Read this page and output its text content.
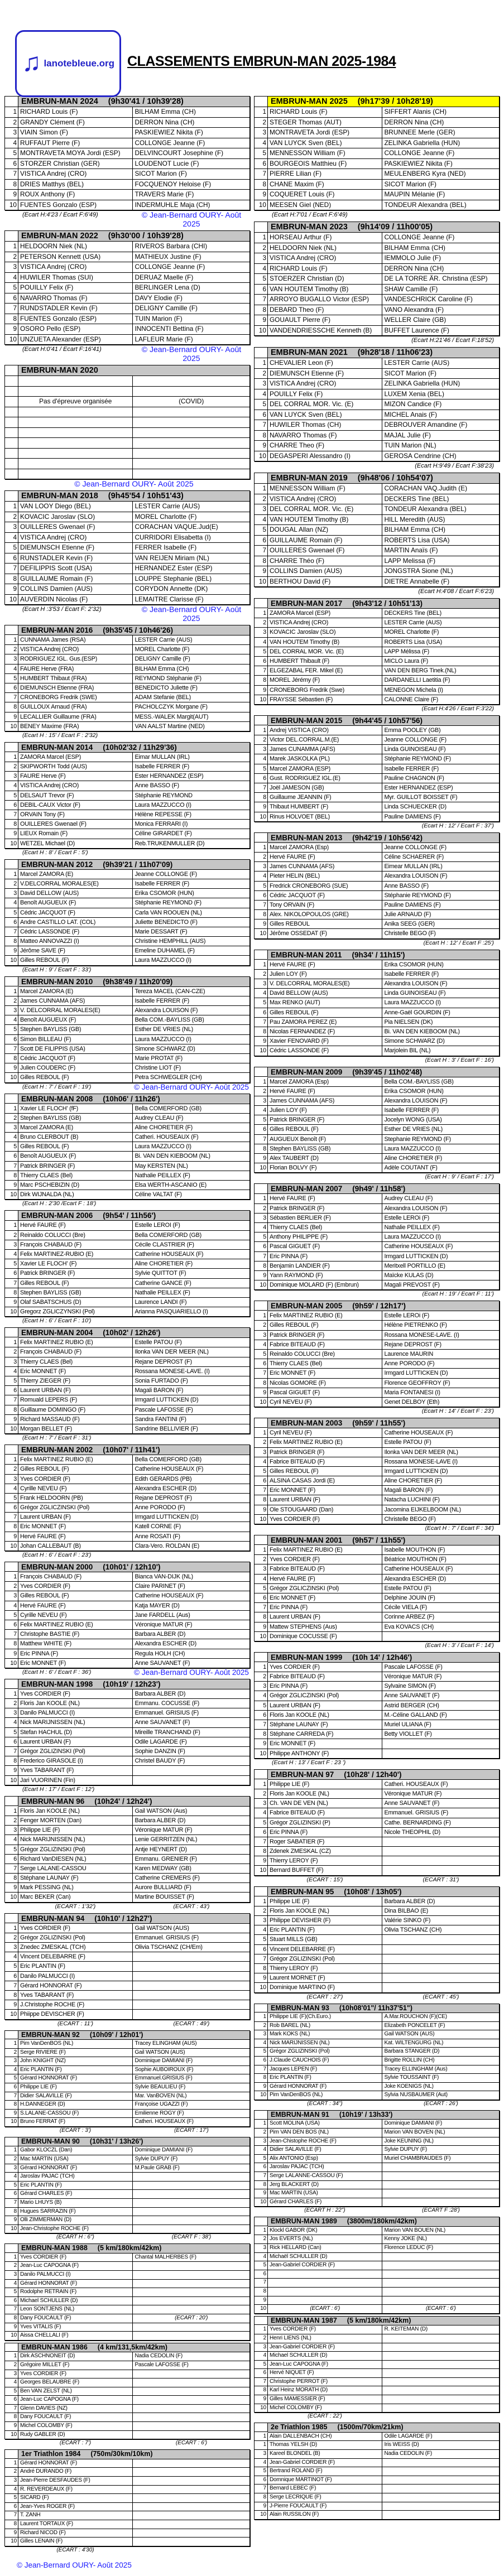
♫ lanotebleue.org CLASSEMENTS EMBRUN-MAN 2025-1984
EMBRUN-MAN 2024 (9h30'41 / 10h39'28)
1 RICHARD Louis (F)	BILHAM Emma (CH)
2 GRANDY Clément (F)	DERRON Nina (CH)
3 VIAIN Simon (F)	PASKIEWIEZ Nikita (F)
4 RUFFAUT Pierre (F)	COLLONGE Jeanne (F)
5 MONTRAVETA MOYA Jordi (ESP)	DELVINCOURT Josephine (F)
6 STORZER Christian (GER)	LOUDENOT Lucie (F)
7 VISTICA Andrej (CRO)	SICOT Marion (F)
8 DRIES Matthys (BEL)	FOCQUENOY Heloise (F)
9 ROUX Anthony (F)	TRAVERS Marie (F)
10 FUENTES Gonzalo (ESP)	INDERMUHLE Maja (CH)
(Ecart H:4'23 / Ecart F:6'49)	© Jean-Bernard OURY- Août 2025
EMBRUN-MAN 2022 (9h30'00 / 10h39'28)
1 HELDOORN Niek (NL)	RIVEROS Barbara (CHI)
2 PETERSON Kennett (USA)	MATHIEUX Justine (F)
3 VISTICA Andrej (CRO)	COLLONGE Jeanne (F)
4 HUWILER Thomas (SUI)	DERUAZ Maelle (F)
5 POUILLY Felix (F)	BERLINGER Lena (D)
6 NAVARRO Thomas (F)	DAVY Elodie (F)
7 RUNDSTADLER Kevin (F)	DELIGNY Camille (F)
8 FUENTES Gonzalo (ESP)	TUIN Marion (F)
9 OSORO Pello (ESP)	INNOCENTI Bettina (F)
10 UNZUETA Alexander (ESP)	LAFLEUR Marie (F)
(Ecart H:0'41 / Ecart F:16'41)	© Jean-Bernard OURY- Août 2025
EMBRUN-MAN 2020
Pas d'épreuve organisée	(COVID)
© Jean-Bernard OURY- Août 2025
EMBRUN-MAN 2018 (9h45'54 / 10h51'43)
1 VAN LOOY Diego (BEL)	LESTER Carrie (AUS)
2 KOVACIC Jaroslav (SLO)	MOREL Charlotte (F)
3 OUILLERES Gwenael (F)	CORACHAN VAQUE.Jud(E)
4 VISTICA Andrej (CRO)	CURRIDORI Elisabetta (I)
5 DIEMUNSCH Etienne (F)	FERRER Isabelle (F)
6 RUNSTADLER Kevin (F)	VAN REIJEN Miriam (NL)
7 DEFILIPPIS Scott (USA)	HERNANDEZ Ester (ESP)
8 GUILLAUME Romain (F)	LOUPPE Stephanie (BEL)
9 COLLINS Damien (AUS)	CORYDON Annette (DK)
10 AUVERDIN Nicolas (F)	LEMAITRE Clarisse (F)
(Ecart H :3'53 / Ecart F: 2'32)	© Jean-Bernard OURY- Août 2025
EMBRUN-MAN 2016 (9h35'45 / 10h46'26)
1 CUNNAMA James (RSA)	LESTER Carrie (AUS)
2 VISTICA Andrej (CRO)	MOREL Charlotte (F)
3 RODRIGUEZ IGL. Gus.(ESP)	DELIGNY Camille (F)
4 FAURE Herve (FRA)	BILHAM Emma (CH)
5 HUMBERT Thibaut (FRA)	REYMOND Stéphanie (F)
6 DIEMUNSCH Etienne (FRA)	BENEDICTO Juliette (F)
7 CRONEBORG Fredrik (SWE)	ADAM Stefanie (BEL)
8 GUILLOUX Arnaud (FRA)	PACHOLCZYK Morgane (F)
9 LECALLIER Guillaume (FRA)	MESS.-WALEK Margit(AUT)
10 BENEY Maxime (FRA)	VAN AALST Martine (NED)
(Ecart H : 15' / Ecart F : 2'32)
EMBRUN-MAN 2014 (10h02'32 / 11h29'36)
1 ZAMORA Marcel (ESP)	Eimar MULLAN (IRL)
2 SKIPWORTH Todd (AUS)	Isabelle FERRER (F)
3 FAURE Herve (F)	Ester HERNANDEZ (ESP)
4 VISTICA Andrej (CRO)	Anne BASSO (F)
5 DELSAUT Trevor (F)	Stéphanie REYMOND
6 DEBIL-CAUX Victor (F)	Laura MAZZUCCO (I)
7 ORVAIN Tony (F)	Hélène REPESSE (F)
8 OUILLERES Gwenael (F)	Monica FERRARI (I)
9 LIEUX Romain (F)	Céline GIRARDET (F)
10 WETZEL Michael (D)	Reb.TRUKENMULLER (D)
(Ecart H : 8' / Ecart F : 5')
EMBRUN-MAN 2012 (9h39'21 / 11h07'09)
1 Marcel ZAMORA (E)	Jeanne COLLONGE (F)
2 V.DELCORRAL MORALES(E)	Isabelle FERRER (F)
3 David DELLOW (AUS)	Erika CSOMOR (HUN)
4 Benoît AUGUEUX (F)	Stéphanie REYMOND (F)
5 Cédric JACQUOT (F)	Carla VAN ROOUEN (NL)
6 Andre CASTILLO LAT. (COL)	Juliette BENEDICTO (F)
7 Cédric LASSONDE (F)	Marie DESSART (F)
8 Matteo ANNOVAZZI (I)	Christine HEMPHILL (AUS)
9 Jérôme SAVE (F)	Emeline DUHAMEL (F)
10 Gilles REBOUL (F)	Laura MAZZUCCO (I)
(Ecart H : 9' / Ecart F : 33')
EMBRUN-MAN 2010 (9h38'49 / 11h20'09)
1 Marcel ZAMORA (E)	Tereza MACEL (CAN-CZE)
2 James CUNNAMA (AFS)	Isabelle FERRER (F)
3 V. DELCORRAL MORALES(E)	Alexandra LOUISON (F)
4 Benoît AUGUEUX (F)	Bella COM.-BAYLISS (GB)
5 Stephen BAYLISS (GB)	Esther DE VRIES (NL)
6 Simon BILLEAU (F)	Laura MAZZUCCO (I)
7 Scott DE FILIPPIS (USA)	Simone SCHWARZ (D)
8 Cédric JACQUOT (F)	Marie PROTAT (F)
9 Julien COUDERC (F)	Christine LIOT (F)
10 Gilles REBOUL (F)	Petra SCHWEGLER (CH)
(Ecart H : 7' / Ecart F : 19')	© Jean-Bernard OURY- Août 2025
EMBRUN-MAN 2008 (10h06' / 11h26')
1 Xavier LE FLOCH' (fF)	Bella COMERFORD (GB)
2 Stephen BAYLISS (GB)	Audrey CLEAU (F)
3 Marcel ZAMORA (E)	Aline CHORETIER (F)
4 Bruno CLERBOUT (B)	Catheri. HOUSEAUX (F)
5 Gilles REBOUL (F)	Laura MAZZUCCO (I)
6 Benoît AUGUEUX (F)	Bi. VAN DEN KIEBOOM (NL)
7 Patrick BRINGER (F)	May KERSTEN (NL)
8 Thierry CLAES (Bel)	Nathalie PEILLEX (F)
9 Marc PSCHEBIZIN (D)	Elsa WERTH-ASCANIO (E)
10 Dirk WIJNALDA (NL)	Céline VALTAT (F)
(Ecart H : 2'30 /Ecart F : 18')
EMBRUN-MAN 2006 (9h54' / 11h56')
1 Hervé FAURE (F)	Estelle LEROI (F)
2 Reinaldo COLUCCI (Bre)	Bella COMERFORD (GB)
3 François CHABAUD (F)	Cécile CLASTRIER (F)
4 Felix MARTINEZ-RUBIO (E)	Catherine HOUSEAUX (F)
5 Xavier LE FLOCH' (F)	Aline CHORETIER (F)
6 Patrick BRINGER (F)	Sylvie QUITTOT (F)
7 Gilles REBOUL (F)	Catherine GANCE (F)
8 Stephen BAYLISS (GB)	Nathalie PEILLEX (F)
9 Olaf SABATSCHUS (D)	Laurence LANDI (F)
10 Gregorz ZGLICZYNSKI (Pol)	Arianna PASQUARIELLO (I)
(Ecart H : 6' / Ecart F : 10')
EMBRUN-MAN 2004 (10h02' / 12h26')
1 Felix MARTINEZ RUBIO (E)	Estelle PATOU (F)
2 François CHABAUD (F)	Ilonka VAN DER MEER (NL)
3 Thierry CLAES (Bel)	Rejane DEPROST (F)
4 Eric MONNET (F)	Rossana MONESE-LAVE. (I)
5 Thierry ZIEGER (F)	Sonia FURTADO (F)
6 Laurent URBAN (F)	Magali BARON (F)
7 Romuald LEPERS (F)	Irmgard LUTTICKEN (D)
8 Guillaume DOMINGO (F)	Pascale LAFOSSE (F)
9 Richard MASSAUD (F)	Sandra FANTINI (F)
10 Morgan BELLET (F)	Sandrine BELLIVIER (F)
(Ecart H : 7' / Ecart F : 31')
EMBRUN-MAN 2002 (10h07' / 11h41')
1 Felix MARTINEZ RUBIO (E)	Bella COMERFORD (GB)
2 Gilles REBOUL (F)	Catherine HOUSEAUX (F)
3 Yves CORDIER (F)	Edith GERARDS (PB)
4 Cyrille NEVEU (F)	Alexandra ESCHER (D)
5 Frank HELDOORN (PB)	Rejane DEPROST (F)
6 Grégor ZGLICZINSKI (Pol)	Anne PORODO (F)
7 Laurent URBAN (F)	Irmgard LUTTICKEN (D)
8 Eric MONNET (F)	Katell CORNE (F)
9 Hervé FAURE (F)	Anne ROSATI (F)
10 Johan CALLEBAUT (B)	Clara-Vero. ROLDAN (E)
(Ecart H : 6' / Ecart F : 23')
EMBRUN-MAN 2000 (10h01' / 12h10')
1 François CHABAUD (F)	Bianca VAN-DIJK (NL)
2 Yves CORDIER (F)	Claire PARINET (F)
3 Gilles REBOUL (F)	Catherine HOUSEAUX (F)
4 Hervé FAURE (F)	Katja MAYER (D)
5 Cyrille NEVEU (F)	Jane FARDELL (Aus)
6 Felix MARTINEZ RUBIO (E)	Véronique MATUR (F)
7 Christophe BASTIE (F)	Barbara ALBER (D)
8 Matthew WHITE (F)	Alexandra ESCHER (D)
9 Eric PINNA (F)	Regula HOLH (CH)
10 Eric MONNET (F)	Anne SAUVANET (F)
(Ecart H : 6' / Ecart F : 36')	© Jean-Bernard OURY- Août 2025
EMBRUN-MAN 1998 (10h19' / 12h23')
1 Yves CORDIER (F)	Barbara ALBER (D)
2 Floris Jan KOOLE (NL)	Emmanu. COCUSSE (F)
3 Danilo PALMUCCI (I)	Emmanuel. GRISIUS (F)
4 Nick MARIJNISSEN (NL)	Anne SAUVANET (F)
5 Stefan HACHUL (D)	Mireille TRANCHAND (F)
6 Laurent URBAN (F)	Odile LAGARDE (F)
7 Grégor ZGLIZINSKI (Pol)	Sophie DANZIN (F)
8 Frederico GIRASOLE (I)	Christel BAUDY (F)
9 Yves TABARANT (F)
10 Jari VUORINEN (Fin)
(Ecart H : 17' / Ecart F : 12')
EMBRUN-MAN 96 (10h24' / 12h24')
1 Floris Jan KOOLE (NL)	Gail WATSON (Aus)
2 Fenger MORTEN (Dan)	Barbara ALBER (D)
3 Philippe LIE (F)	Véronique MATUR (F)
4 Nick MARIJNISSEN (NL)	Lenie GERRITZEN (NL)
5 Grégor ZGLIZINSKI (Pol)	Antje HEYNERT (D)
6 Richard VanDIESEN (NL)	Emmanu. GRENIER (F)
7 Serge LALANE-CASSOU	Karen MEDWAY (GB)
8 Stéphane LAUNAY (F)	Catherine CREMERS (F)
9 Mark PESSING (NL)	Aurore BULLIARD (F)
10 Marc BEKER (Can)	Martine BOUISSET (F)
(ECART : 1'32')	(ECART : 43')
EMBRUN-MAN 94 (10h10' / 12h27')
1 Yves CORDIER (F)	Gail WATSON (AUS)
2 Grégor ZGLIZINSKI (Pol)	Emmanuel. GRISIUS (F)
3 Znedec ZMESKAL (TCH)	Olivia TSCHANZ (CH/Em)
4 Vincent DELEBARRE (F)
5 Eric PLANTIN (F)
6 Danilo PALMUCCI (I)
7 Gérard HONNORAT (F)
8 Yves TABARANT (F)
9 J.Christophe ROCHE (F)
10 Phiippe DEVISCHER (F)
(ECART : 11')	(ECART : 49')
EMBRUN-MAN 92 (10h09' / 12h01')
1 Pim VanDenBOS (NL)	Tracey ELINGHAM (AUS)
2 Serge RIVIERE (F)	Gail WATSON (AUS)
3 John KNIGHT (NZ)	Dominique DAMIANI (F)
4 Eric PLANTIN (F)	Sophie AUBOIROUX (F)
5 Gérard HONNORAT (F)	Emmanuel.GRISIUS (F)
6 Philippe LIE (F)	Sylvie BEAULIEU (F)
7 Didier SALAVILLE (F)	Mar. VanBOVEN (NL)
8 H.DANNEGER (D)	Françoise UGAZZI (F)
9 S.LALANE-CASSOU (F)	Emilienne ROGY (F)
10 Bruno FERRAT (F)	Catheri. HOUSEAUX (F)
(ECART : 3')	(ECART : 17')
EMBRUN-MAN 90 (10h31' / 13h26')
1 Gabor KLOCZL (Dan)	Dominique DAMIANI (F)
2 Mac MARTIN (USA)	Sylvie DUPUY (F)
3 Gérard HONNORAT (F)	M.Paule GRAB (F)
4 Jaroslav PAJAC (TCH)
5 Eric PLANTIN (F)
6 Gérard CHARLES (F)
7 Mario LHUYS (B)
8 Hugues SARRAZIN (F)
9 Olli ZIMMERMAN (D)
10 Jean-Christophe ROCHE (F)
(ECART H : 6")	(ECART F : 38')
EMBRUN-MAN 1988 (5 km/180km/42km)
1 Yves CORDIER (F)	Chantal MALHERBES (F)
2 Jean-Luc CAPOGNA (F)
3 Danilo PALMUCCI (I)
4 Gérard HONNORAT (F)
5 Rodolphe RETRAIN (F)
6 Michael SCHULLER (D)
7 Leon SONTJENS (NL)
8 Dany FOUCAULT (F)	(ECART : 20')
9 Yves VITALIS (F)
10 Aissa CHELLALI (F)
EMBRUN-MAN 1986 (4 km/131,5km/42km)
1 Dirk ASCHNONEIT (D)	Nadia CEDOLIN (F)
2 Grégoire MILLET (F)	Pascale LAFOSSE (F)
3 Yves CORDIER (F)
4 Georges BELAUBRE (F)
5 Ben VAN ZELST (NL)
6 Jean-Luc CAPOGNA (F)
7 Glenn DAVIES (NZ)
8 Dany FOUCAULT (F)
9 Michel COLOMBY (F)
10 Rudy GABLER (D)
(ECART : 7')	(ECART : 6')
1er Triathlon 1984 (750m/30km/10km)
1 Gérard HONNORAT (F)
2 André DURANDO (F)
3 Jean-Pierre DESFAUDES (F)
4 R. REVERDEAUX (F)
5 SICARD (F)
6 Jean-Yves ROGER (F)
7 T. ZANH
8 Laurent TORTAUX (F)
9 Richard NICOD (F)
10 Gilles LENAIN (F)
(ECART : 4'30)
EMBRUN-MAN 2025 (9h17'39 / 10h28'19)
1 RICHARD Louis (F)	SIFFERT Alanis (CH)
2 STEGER Thomas (AUT)	DERRON Nina (CH)
3 MONTRAVETA Jordi (ESP)	BRUNNEE Merle (GER)
4 VAN LUYCK Sven (BEL)	ZELINKA Gabriella (HUN)
5 MENNESSON William (F)	COLLONGE Jeanne (F)
6 BOURGEOIS Matthieu (F)	PASKIEWIEZ Nikita (F)
7 PIERRE Lilian (F)	MEULENBERG Kyra (NED)
8 CHANE Maxim (F)	SICOT Marion (F)
9 COQUERET Louis (F)	MAUPIN Mélanie (F)
10 MEESEN Giel (NED)	TONDEUR Alexandra (BEL)
(Ecart H:7'01 / Ecart F:6'49)
EMBRUN-MAN 2023 (9h14'09 / 11h00'05)
1 HORSEAU Arthur (F)	COLLONGE Jeanne (F)
2 HELDOORN Niek (NL)	BILHAM Emma (CH)
3 VISTICA Andrej (CRO)	IEMMOLO Julie (F)
4 RICHARD Louis (F)	DERRON Nina (CH)
5 STOERZER Christian (D)	DE LA TORRE ÄR. Christina (ESP)
6 VAN HOUTEM Timothy (B)	SHAW Camille (F)
7 ARROYO BUGALLO Victor (ESP)	VANDESCHRICK Caroline (F)
8 DEBARD Theo (F)	VANO Alexandra (F)
9 GOUAULT Pierre (F)	WELLER Claire (GB)
10 VANDENDRIESSCHE Kenneth (B)	BUFFET Laurence (F)
(Ecart H:21'46 / Ecart F:18'52)
EMBRUN-MAN 2021 (9h28'18 / 11h06'23)
1 CHEVALIER Leon (F)	LESTER Carrie (AUS)
2 DIEMUNSCH Etienne (F)	SICOT Marion (F)
3 VISTICA Andrej (CRO)	ZELINKA Gabriella (HUN)
4 POUILLY Felix (F)	LUXEM Xenia (BEL)
5 DEL CORRAL MOR. Vic. (E)	MIZON Candice (F)
6 VAN LUYCK Sven (BEL)	MICHEL Anais (F)
7 HUWILER Thomas (CH)	DEBROUVER Amandine (F)
8 NAVARRO Thomas (F)	MAJAL Julie (F)
9 CHARRE Theo (F)	TUIN Marion (NL)
10 DEGASPERI Alessandro (I)	GEROSA Cendrine (CH)
(Ecart H:9'49 / Ecart F:38'23)
EMBRUN-MAN 2019 (9h48'06 / 10h54'07)
1 MENNESSON William (F)	CORACHAN VAQ.Judith (E)
2 VISTICA Andrej (CRO)	DECKERS Tine (BEL)
3 DEL CORRAL MOR. Vic. (E)	TONDEUR Alexandra (BEL)
4 VAN HOUTEM Timothy (B)	HILL Meredith (AUS)
5 DOUGAL Allan (NZ)	BILHAM Emma (CH)
6 GUILLAUME Romain (F)	ROBERTS Lisa (USA)
7 OUILLERES Gwenael (F)	MARTIN Anaïs (F)
8 CHARRE Théo (F)	LAPP Melissa (F)
9 COLLINS Damien (AUS)	JONGSTRA Sione (NL)
10 BERTHOU David (F)	DIETRE Annabelle (F)
(Ecart H:4'08 / Ecart F:6'23)
EMBRUN-MAN 2017 (9h43'12 / 10h51'13)
1 ZAMORA Marcel (ESP)	DECKERS Tine (BEL)
2 VISTICA Andrej (CRO)	LESTER Carrie (AUS)
3 KOVACIC Jaroslav (SLO)	MOREL Charlotte (F)
4 VAN HOUTEM Timothy (B)	ROBERTS Lisa (USA)
5 DEL CORRAL MOR. Vic. (E)	LAPP Mélissa (F)
6 HUMBERT Thibault (F)	MICLO Laura (F)
7 ELGEZABAL FER. Mikel (E)	VAN DEN BERG Tinek.(NL)
8 MOREL Jérémy (F)	DARDANELLI Laetitia (F)
9 CRONEBORG Fredrik (Swe)	MENEGON Michela (I)
10 FRAYSSE Sébastien (F)	CALONNE Claire (F)
(Ecart H:4'26 / Ecart F:3'22)
EMBRUN-MAN 2015 (9h44'45 / 10h57'56)
1 Andrej VISTICA (CRO)	Emma POOLEY (GB)
2 Victor DEL.CORRAL.M.(E)	Jeanne COLLONGE (F)
3 James CUNAMMA (AFS)	Linda GUINOISEAU (F)
4 Marek JASKOLKA (PL)	Stéphanie REYMOND (F)
5 Marcel ZAMORA (ESP)	Isabelle FERRER (F)
6 Gust. RODRIGUEZ IGL.(E)	Pauline CHAGNON (F)
7 Joël JAMESON (GB)	Ester HERNANDEZ (ESP)
8 Guillaume JEANNIN (F)	Myr. GUILLOT BOISSET (F)
9 Thibaut HUMBERT (F)	Linda SCHUECKER (D)
10 Rinus HOLVOET (BEL)	Pauline DAMIENS (F)
(Ecart H : 12' / Ecart F : 37')
EMBRUN-MAN 2013 (9h42'19 / 10h56'42)
1 Marcel ZAMORA (Esp)	Jeanne COLLONGE (F)
2 Hervé FAURE (F)	Céline SCHAERER (F)
3 James CUNNAMA (AFS)	Eimear MULLAN (IRL)
4 Pieter HELIN (BEL)	Alexandra LOUISON (F)
5 Fredrick CRONEBORG (SUE)	Anne BASSO (F)
6 Cédric JACQUOT (F)	Stéphanie REYMOND (F)
7 Tony ORVAIN (F)	Pauline DAMIENS (F)
8 Alex. NIKOLOPOULOS (GRE)	Julie ARNAUD (F)
9 Gilles REBOUL	Anika SEEG (GER)
10 Jérôme OSSEDAT (F)	Christelle BEGO (F)
(Ecart H : 12' / Ecart F :25')
EMBRUN-MAN 2011 (9h34' / 11h15')
1 Hervé FAURE (F)	Erika CSOMOR (HUN)
2 Julien LOY (F)	Isabelle FERRER (F)
3 V. DELCORRAL MORALES(E)	Alexandra LOUISON (F)
4 David BELLOW (AUS)	Linda GUINOISEAU (F)
5 Max RENKO (AUT)	Laura MAZZUCCO (I)
6 Gilles REBOUL (F)	Anne-Gaël GOURDIN (F)
7 Pau ZAMORA PEREZ (E)	Pia NIELSEN (DK)
8 Nicolas FERNANDEZ (F)	Bi. VAN DEN KIEBOOM (NL)
9 Xavier FENOVARD (F)	Simone SCHWARZ (D)
10 Cédric LASSONDE (F)	Marjolein BIL (NL)
(Ecart H : 3' / Ecart F : 16')
EMBRUN-MAN 2009 (9h39'45 / 11h02'48)
1 Marcel ZAMORA (Esp)	Bella COM.-BAYLISS (GB)
2 Hervé FAURE (F)	Erika CSOMOR (HUN)
3 James CUNNAMA (AFS)	Alexandra LOUISON (F)
4 Julien LOY (F)	Isabelle FERRER (F)
5 Patrick BRINGER (F)	Jocelyn WONG (USA)
6 Gilles REBOUL (F)	Esther DE VRIES (NL)
7 AUGUEUX Benoît (F)	Stephanie REYMOND (F)
8 Stephen BAYLISS (GB)	Laura MAZZUCCO (I)
9 Alex TAUBERT (D)	Aline CHORETIER (F)
10 Florian BOLVY (F)	Adèle COUTANT (F)
(Ecart H : 9' / Ecart F : 17')
EMBRUN-MAN 2007 (9h49' / 11h58')
1 Hervé FAURE (F)	Audrey CLEAU (F)
2 Patrick BRINGER (F)	Alexandra LOUISON (F)
3 Sébastien BERLIER (F)	Estelle LEROi (F)
4 Thierry CLAES (Bel)	Nathalie PEILLEX (F)
5 Anthony PHILIPPE (F)	Laura MAZZUCCO (I)
6 Pascal GIGUET (F)	Catherine HOUSEAUX (F)
7 Eric PINNA (F)	Irmgard LUTTICKEN (D)
8 Benjamin LANDIER (F)	Meritxell PORTILLO (E)
9 Yann RAYMOND (F)	Maïcke KULAS (D)
10 Dominique MOLARD (F) (Embrun)	Magali PREVOST (F)
(Ecart H : 19' / Ecart F : 11')
EMBRUN-MAN 2005 (9h59' / 12h17')
1 Felix MARTINEZ RUBIO (E)	Estelle LEROi (F)
2 Gilles REBOUL (F)	Hélène PIETRENKO (F)
3 Patrick BRINGER (F)	Rossana MONESE-LAVE. (I)
4 Fabrice BITEAUD (F)	Rejane DEPROST (F)
5 Reinaldo COLUCCI (Bre)	Laurence MAURIN
6 Thierry CLAES (Bel)	Anne PORODO (F)
7 Eric MONNET (F)	Irmgard LUTTICKEN (D)
8 Nicolas GOMORE (F)	Florence GEOFFROY (F)
9 Pascal GIGUET (F)	Maria FONTANESI (I)
10 Cyril NEVEU (F)	Genet DELBOY (Eth)
(Ecart H : 14' / Ecart F : 23')
EMBRUN-MAN 2003 (9h59' / 11h55')
1 Cyril NEVEU (F)	Catherine HOUSEAUX (F)
2 Felix MARTINEZ RUBIO (E)	Estelle PATOU (F)
3 Patrick BRINGER (F)	Ilonka VAN DER MEER (NL)
4 Fabrice BITEAUD (F)	Rossana MONESE-LAVE (I)
5 Gilles REBOUL (F)	Irmgard LUTTICKEN (D)
6 ALSINA CASAS Jordi (E)	Aline CHORETIER (F)
7 Eric MONNET (F)	Magali BARON (F)
8 Laurent URBAN (F)	Natacha LUCHINI (F)
9 Ole STOUGAARD (Dan)	Jacomina EIJKELBOOM (NL)
10 Yves CORDIER (F)	Christelle BEGO (F)
(Ecart H : 7' / Ecart F : 34')
EMBRUN-MAN 2001 (9h57' / 11h55')
1 Felix MARTINEZ RUBIO (E)	Isabelle MOUTHON (F)
2 Yves CORDIER (F)	Béatrice MOUTHON (F)
3 Fabrice BITEAUD (F)	Catherine HOUSEAUX (F)
4 Hervé FAURE (F)	Alexandra ESCHER (D)
5 Grégor ZGLICZINSKI (Pol)	Estelle PATOU (F)
6 Eric MONNET (F)	Delphine JOUIN (F)
7 Eric PINNA (F)	Cécile VIELA (F)
8 Laurent URBAN (F)	Corinne ARBEZ (F)
9 Mattew STEPHENS (Aus)	Eva KOVACS (CH)
10 Dominique COCUSSE (F)
(Ecart H : 3' / Ecart F : 14')
EMBRUN-MAN 1999 (10h 14' / 12h46')
1 Yves CORDIER (F)	Pascale LAFOSSE (F)
2 Fabrice BITEAUD (F)	Véronique MATUR (F)
3 Eric PINNA (F)	Sylvaine SIMON (F)
4 Grégor ZGLICZINSKI (Pol)	Anne SAUVANET (F)
5 Laurent URBAN (F)	Astrid BERGER (CH)
6 Floris Jan KOOLE (NL)	M.-Céline GALLAND (F)
7 Stéphane LAUNAY (F)	Muriel ULIANA (F)
8 Stéphane CARREDA (F)	Betty VIOLLET (F)
9 Eric MONNET (F)
10 Philippe ANTHONY (F)
(Ecart H : 13' / Ecart F : 23 ')
EMBRUN-MAN 97 (10h28' / 12h40')
1 Philippe LIE (F)	Catheri. HOUSEAUX (F)
2 Floris Jan KOOLE (NL)	Véronique MATUR (F)
3 Ch. VAN DE VEN (NL)	Anne SAUVANET (F)
4 Fabrice BITEAUD (F)	Emmanuel. GRISIUS (F)
5 Grégor ZGLIZINSKI (P)	Cathe. BERNARDING (F)
6 Eric PINNA (F)	Nicole THEOPHIL (D)
7 Roger SABATIER (F)
8 Zdenek ZMESKAL (CZ)
9 Thierry LEROY (F)
10 Bernard BUFFET (F)
(ECART : 15')	(ECART : 31')
EMBRUN-MAN 95 (10h08' / 13h05')
1 Philippe LIE (F)	Barbara ALBER (D)
2 Floris Jan KOOLE (NL)	Dina BILBAO (E)
3 Philippe DEVISHER (F)	Valérie SINKO (F)
4 Eric PLANTIN (F)	Olivia TSCHANZ (CH)
5 Stuart MILLS (GB)
6 Vincent DELEBARRE (F)
7 Grégor ZGLIZINSKI (Pol)
8 Thierry LEROY (F)
9 Laurent MORNET (F)
10 Dominique MARTINO (F)
(ECART : 27')	(ECART : 45')
EMBRUN-MAN 93 (10h08'01"/ 11h37'51")
1 Philippe LIE (F)(Ch.Euro.)	A.Mar.ROUCHON (F)(CE)
2 Rob BAREL (NL)	Elizabeth PONCELET (F)
3 Mark KOKS (NL)	Gail WATSON (AUS)
4 Nick MARIJNISSEN (NL)	Kat. WILTENGURG (NL)
5 Grégor ZGLIZINSKI (Pol)	Barbara STANGER (D)
6 J.Claude CAUCHOIS (F)	Brigitte ROLLIN (CH)
7 Jacques LEPEN (F)	Tracey ELLINGHAM (Aus)
8 Eric PLANTIN (F)	Sylvie TOUSSAINT (F)
9 Gérard HONNORAT (F)	Joke KOENIGS (NL)
10 Pim VanDenBOS (NL)	Sylvia NUSBAUMER (Aut)
(ECART : 34")	(ECART : 26')
EMBRUN-MAN 91 (10h19' / 13h33')
1 Scott MOLINA (USA)	Dominique DAMIANI (F)
2 Pim VAN DEN BOS (NL)	Marion VAN BOVEN (NL)
3 Jean-Chistophe ROCHE (F)	Joke KEUNING (NL)
4 Didier SALAVILLE (F)	Sylvie DUPUY (F)
5 Alix ANTONIO (Esp)	Muriel CHAMBRAUDES (F)
6 Jaroslav PAJAC (TCH)
7 Serge LALANNE-CASSOU (F)
8 Jerg BLACKERT (D)
9 Mac MARTIN (USA)
10 Gérard CHARLES (F)
(ECART H : 22")	(ECART F :28')
EMBRUN-MAN 1989 (3800m/180km/42km)
1 Klockl GABOR (DK)	Marion VAN BOUEN (NL)
2 Jos EVERTS (NL)	Kenny JOKE (NL)
3 Rick HELLARD (Can)	Florence LEDUC (F)
4 Michaël SCHULLER (D)
5 Jean-Gabriel CORDIER (F)
6
7
8
9
10	(ECART : 6')	(ECART : 6')
EMBRUN-MAN 1987 (5 km/180km/42km)
1 Yves CORDIER (F)	R. KEITEMAN (D)
2 Henri LIENS (NL)
3 Jean-Gabriel CORDIER (F)
4 Michael SCHULLER (D)
5 Jean-Luc CAPOGNA (F)
6 Hervé NIQUET (F)
7 Christophe PERROT (F)
8 Karl Heinz MORATH (D)
9 Gilles MAMESSIER (F)
10 Michel COLOMBY (F)
(ECART : 22')
2e Triathlon 1985 (1500m/70km/21km)
1 Alain DALLENBACH (CH)	Odile LAGARDE (F)
1 Thomas YELSH (D)	Iris WEISS (D)
3 Kareel BLONDEL (B)	Nadia CEDOLIN (F)
4 Jean-Gabriel CORDIER (F)
5 Bertrand ROLAND (F)
6 Domnique MARTINOT (F)
7 Bernard LEBEC (F)
8 Serge LECRIQUE (F)
9 J-Pierre FOUCAULT (F)
10 Alain RUSSILON (F)
© Jean-Bernard OURY- Août 2025
